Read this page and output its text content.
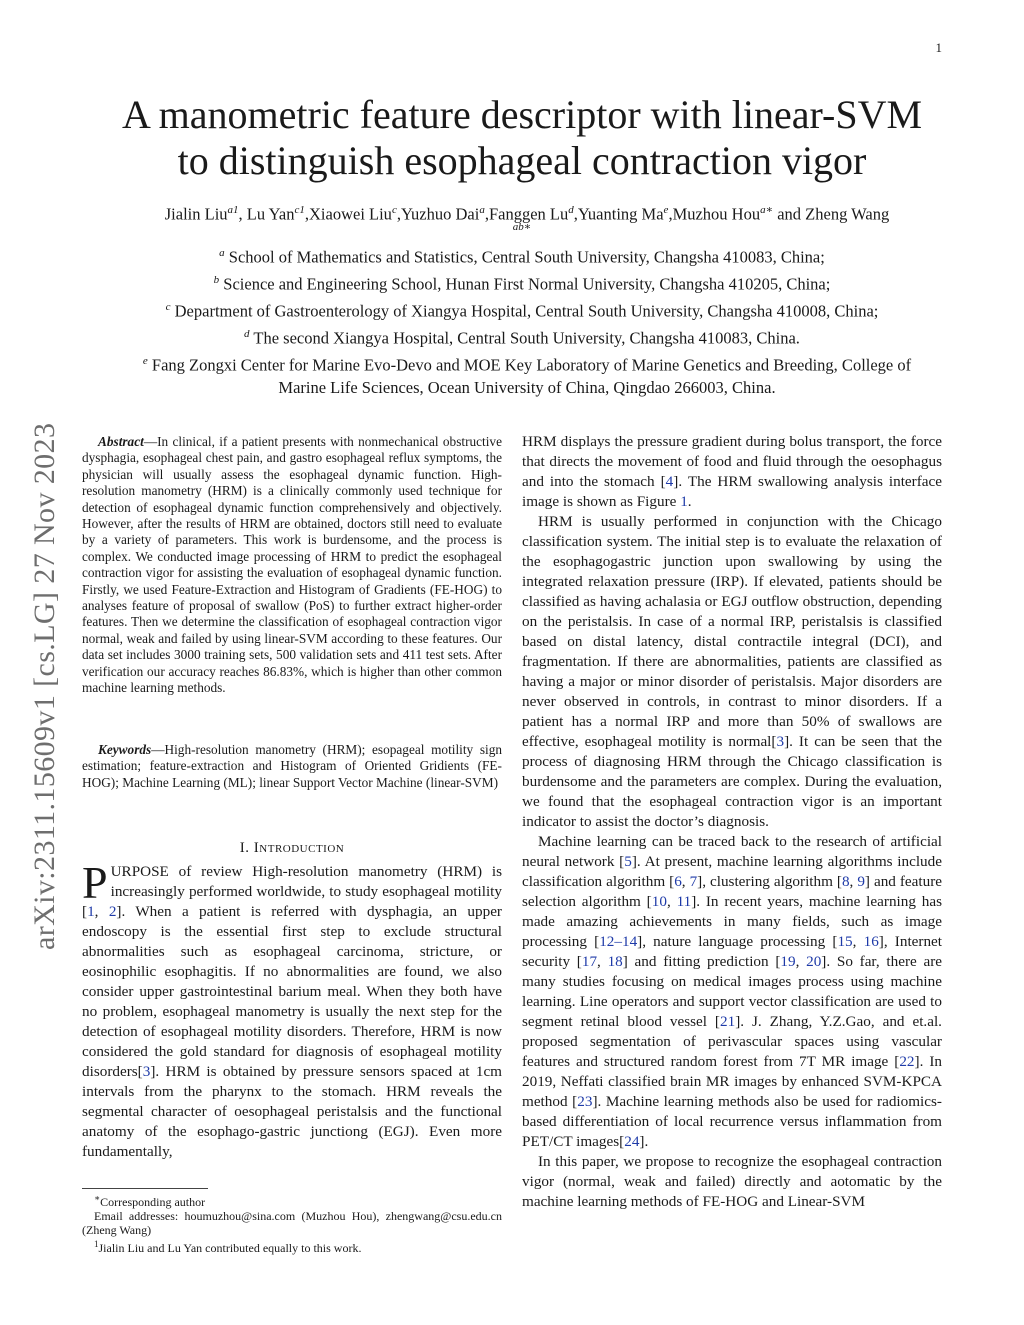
1
arXiv:2311.15609v1 [cs.LG] 27 Nov 2023
A manometric feature descriptor with linear-SVM
to distinguish esophageal contraction vigor
Jialin Liu$^{a1}$, Lu Yan$^{c1}$,Xiaowei Liu$^c$,Yuzhuo Dai$^a$,Fanggen Lu$^d$,Yuanting Ma$^e$,Muzhou Hou$^{a∗}$ and Zheng Wang
ab∗
$^a$ School of Mathematics and Statistics, Central South University, Changsha 410083, China;
$^b$ Science and Engineering School, Hunan First Normal University, Changsha 410205, China;
$^c$ Department of Gastroenterology of Xiangya Hospital, Central South University, Changsha 410008, China;
$^d$ The second Xiangya Hospital, Central South University, Changsha 410083, China.
$^e$ Fang Zongxi Center for Marine Evo-Devo and MOE Key Laboratory of Marine Genetics and Breeding, College of Marine Life Sciences, Ocean University of China, Qingdao 266003, China.

Abstract—In clinical, if a patient presents with nonmechanical obstructive dysphagia, esophageal chest pain, and gastro esophageal reflux symptoms, the physician will usually assess the esophageal dynamic function. High-resolution manometry (HRM) is a clinically commonly used technique for detection of esophageal dynamic function comprehensively and objectively. However, after the results of HRM are obtained, doctors still need to evaluate by a variety of parameters. This work is burdensome, and the process is complex. We conducted image processing of HRM to predict the esophageal contraction vigor for assisting the evaluation of esophageal dynamic function. Firstly, we used Feature-Extraction and Histogram of Gradients (FE-HOG) to analyses feature of proposal of swallow (PoS) to further extract higher-order features. Then we determine the classification of esophageal contraction vigor normal, weak and failed by using linear-SVM according to these features. Our data set includes 3000 training sets, 500 validation sets and 411 test sets. After verification our accuracy reaches 86.83%, which is higher than other common machine learning methods.

Keywords—High-resolution manometry (HRM); esopageal motility sign estimation; feature-extraction and Histogram of Oriented Gridients (FE-HOG); Machine Learning (ML); linear Support Vector Machine (linear-SVM)

I. Introduction

PURPOSE of review High-resolution manometry (HRM) is increasingly performed worldwide, to study esophageal motility [1, 2]. When a patient is referred with dysphagia, an upper endoscopy is the essential first step to exclude structural abnormalities such as esophageal carcinoma, stricture, or eosinophilic esophagitis. If no abnormalities are found, we also consider upper gastrointestinal barium meal. When they both have no problem, esophageal manometry is usually the next step for the detection of esophageal motility disorders. Therefore, HRM is now considered the gold standard for diagnosis of esophageal motility disorders[3]. HRM is obtained by pressure sensors spaced at 1cm intervals from the pharynx to the stomach. HRM reveals the segmental character of oesophageal peristalsis and the functional anatomy of the esophago-gastric junctiong (EGJ). Even more fundamentally,

∗Corresponding author

Email addresses: houmuzhou@sina.com (Muzhou Hou), zhengwang@csu.edu.cn (Zheng Wang)

$^1$Jialin Liu and Lu Yan contributed equally to this work.

HRM displays the pressure gradient during bolus transport, the force that directs the movement of food and fluid through the oesophagus and into the stomach [4]. The HRM swallowing analysis interface image is shown as Figure 1.

HRM is usually performed in conjunction with the Chicago classification system. The initial step is to evaluate the relaxation of the esophagogastric junction upon swallowing by using the integrated relaxation pressure (IRP). If elevated, patients should be classified as having achalasia or EGJ outflow obstruction, depending on the peristalsis. In case of a normal IRP, peristalsis is classified based on distal latency, distal contractile integral (DCI), and fragmentation. If there are abnormalities, patients are classified as having a major or minor disorder of peristalsis. Major disorders are never observed in controls, in contrast to minor disorders. If a patient has a normal IRP and more than 50% of swallows are effective, esophageal motility is normal[3]. It can be seen that the process of diagnosing HRM through the Chicago classification is burdensome and the parameters are complex. During the evaluation, we found that the esophageal contraction vigor is an important indicator to assist the doctor’s diagnosis.

Machine learning can be traced back to the research of artificial neural network [5]. At present, machine learning algorithms include classification algorithm [6, 7], clustering algorithm [8, 9] and feature selection algorithm [10, 11]. In recent years, machine learning has made amazing achievements in many fields, such as image processing [12–14], nature language processing [15, 16], Internet security [17, 18] and fitting prediction [19, 20]. So far, there are many studies focusing on medical images process using machine learning. Line operators and support vector classification are used to segment retinal blood vessel [21]. J. Zhang, Y.Z.Gao, and et.al. proposed segmentation of perivascular spaces using vascular features and structured random forest from 7T MR image [22]. In 2019, Neffati classified brain MR images by enhanced SVM-KPCA method [23]. Machine learning methods also be used for radiomics-based differentiation of local recurrence versus inflammation from PET/CT images[24].

In this paper, we propose to recognize the esophageal contraction vigor (normal, weak and failed) directly and aotomatic by the machine learning methods of FE-HOG and Linear-SVM
